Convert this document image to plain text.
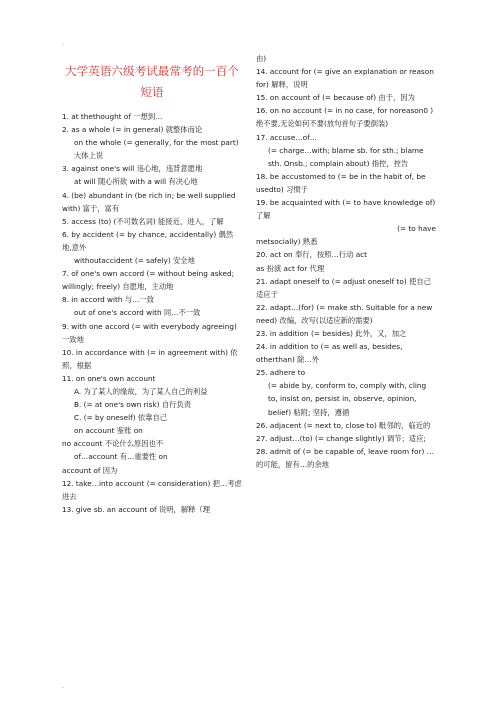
.
大学英语六级考试最常考的一百个短语
1. at thethought of 一想到…
2. as a whole (= in general) 就整体而论
on the whole (= generally, for the most part) 大体上说
3. against one's will 违心地，违背意愿地
at will 随心所欲 with a will 有决心地
4. (be) abundant in (be rich in; be well supplied with) 富于，富有
5. access (to) (不可数名词) 能接近，进入，了解
6. by accident (= by chance, accidentally) 偶然地,意外
withoutaccident (= safely) 安全地
7. of one's own accord (= without being asked; willingly; freely) 自愿地，主动地
8. in accord with 与…一致
out of one's accord with 同…不一致
9. with one accord (= with everybody agreeing) 一致地
10. in accordance with (= in agreement with) 依照，根据
11. on one's own account
A. 为了某人的缘故，为了某人自己的利益
B. (= at one's own risk) 自行负责
C. (= by oneself) 依靠自己
on account 鉴账 on
no account 不论什么原因也不
of…account 有…重要性 on
account of 因为
12. take…into account (= consideration) 把…考虑进去
13. give sb. an account of 说明，解释（理
由)
14. account for (= give an explanation or reason for) 解释，说明
15. on account of (= because of) 由于，因为
16. on no account (= in no case, for noreason0 ) 绝不要,无论如何不要(放句首句子要倒装)
17. accuse…of…
(= charge…with; blame sb. for sth.; blame sth. Onsb.; complain about) 指控，控告
18. be accustomed to (= be in the habit of, be usedto) 习惯于
19. be acquainted with (= to have knowledge of) 了解
(= to have
metsocially) 熟悉
20. act on 奉行，按照…行动 act
as 扮演 act for 代理
21. adapt oneself to (= adjust oneself to) 使自己适应于
22. adapt…(for) (= make sth. Suitable for a new need) 改编，改写(以适应新的需要)
23. in addition (= besides) 此外，又，加之
24. in addition to (= as well as, besides, otherthan) 除…外
25. adhere to
(= abide by, conform to, comply with, cling to, insist on, persist in, observe, opinion,
belief) 粘附; 坚持，遵循
26. adjacent (= next to, close to) 毗邻的，临近的
27. adjust…(to) (= change slightly) 调节；适应;
28. admit of (= be capable of, leave room for) …的可能，留有…的余地
.
